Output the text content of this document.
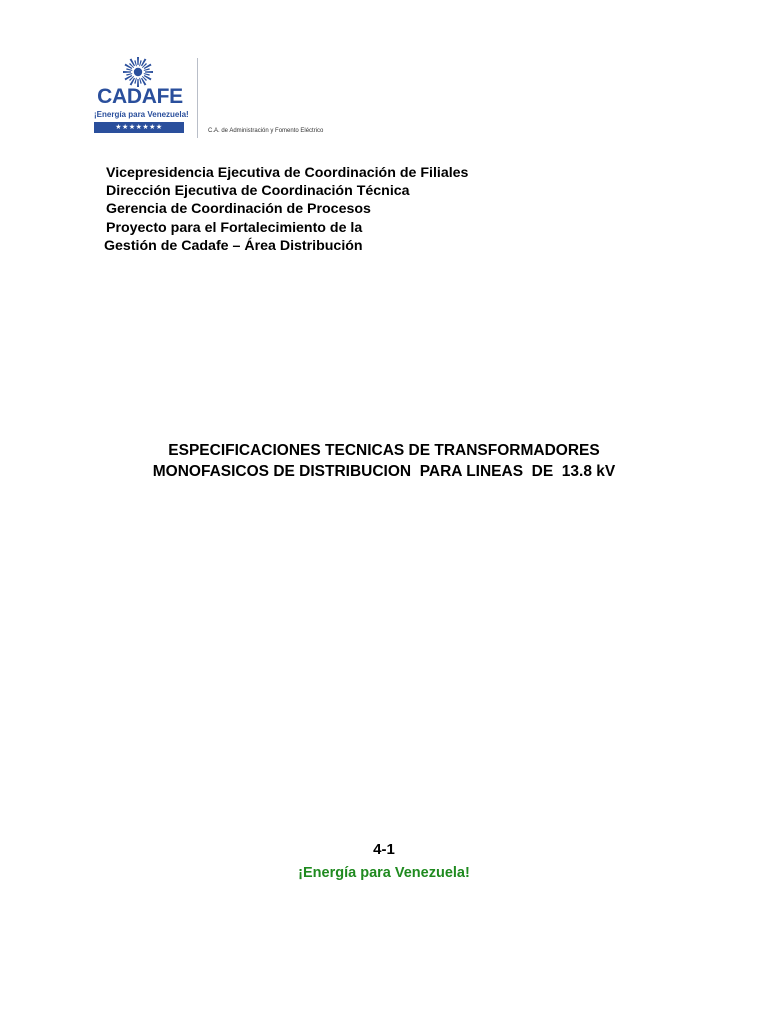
CADAFE
¡Energía para Venezuela!
★★★★★★★	C.A. de Administración y Fomento Eléctrico
Vicepresidencia Ejecutiva de Coordinación de Filiales
Dirección Ejecutiva de Coordinación Técnica
Gerencia de Coordinación de Procesos
Proyecto para el Fortalecimiento de la
Gestión de Cadafe – Área Distribución
ESPECIFICACIONES TECNICAS DE TRANSFORMADORES
MONOFASICOS DE DISTRIBUCION  PARA LINEAS  DE  13.8 kV
4-1
¡Energía para Venezuela!
